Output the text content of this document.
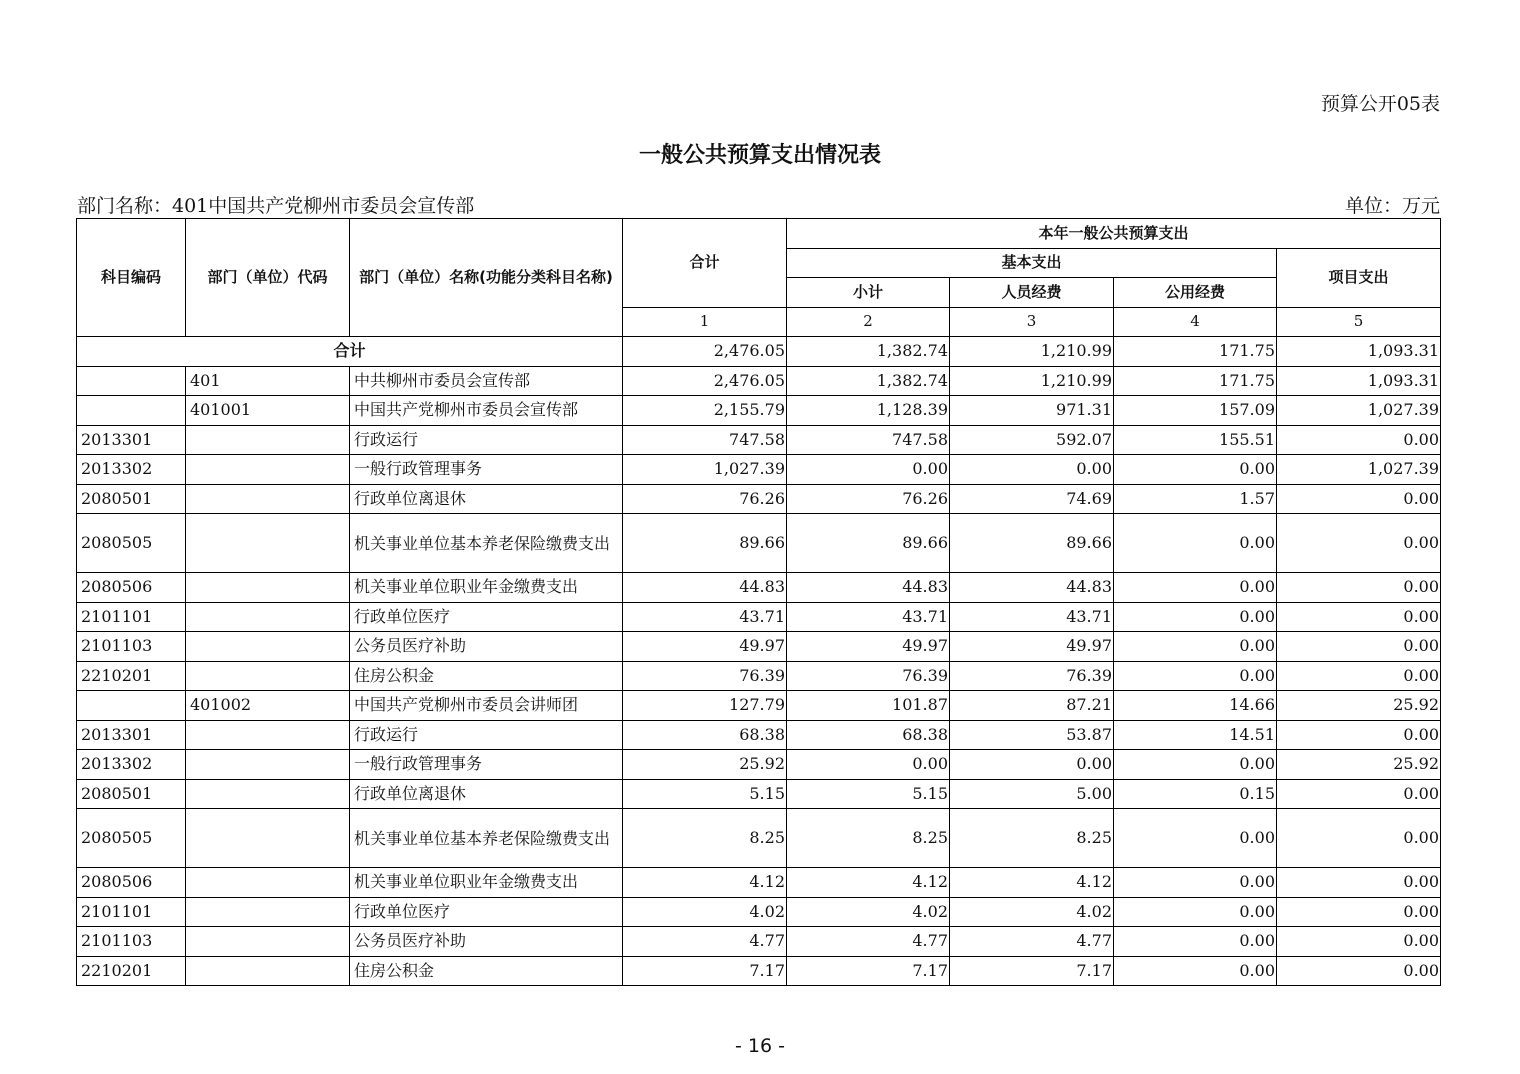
预算公开05表
一般公共预算支出情况表
部门名称：401中国共产党柳州市委员会宣传部	单位：万元
科目编码	部门（单位）代码	部门（单位）名称(功能分类科目名称)	合计	本年一般公共预算支出			
				基本支出			项目支出
				小计	人员经费	公用经费	
			1	2	3	4	5
合计			2,476.05	1,382.74	1,210.99	171.75	1,093.31
	401	中共柳州市委员会宣传部	2,476.05	1,382.74	1,210.99	171.75	1,093.31
	401001	中国共产党柳州市委员会宣传部	2,155.79	1,128.39	971.31	157.09	1,027.39
2013301		行政运行	747.58	747.58	592.07	155.51	0.00
2013302		一般行政管理事务	1,027.39	0.00	0.00	0.00	1,027.39
2080501		行政单位离退休	76.26	76.26	74.69	1.57	0.00
2080505		机关事业单位基本养老保险缴费支出	89.66	89.66	89.66	0.00	0.00
2080506		机关事业单位职业年金缴费支出	44.83	44.83	44.83	0.00	0.00
2101101		行政单位医疗	43.71	43.71	43.71	0.00	0.00
2101103		公务员医疗补助	49.97	49.97	49.97	0.00	0.00
2210201		住房公积金	76.39	76.39	76.39	0.00	0.00
	401002	中国共产党柳州市委员会讲师团	127.79	101.87	87.21	14.66	25.92
2013301		行政运行	68.38	68.38	53.87	14.51	0.00
2013302		一般行政管理事务	25.92	0.00	0.00	0.00	25.92
2080501		行政单位离退休	5.15	5.15	5.00	0.15	0.00
2080505		机关事业单位基本养老保险缴费支出	8.25	8.25	8.25	0.00	0.00
2080506		机关事业单位职业年金缴费支出	4.12	4.12	4.12	0.00	0.00
2101101		行政单位医疗	4.02	4.02	4.02	0.00	0.00
2101103		公务员医疗补助	4.77	4.77	4.77	0.00	0.00
2210201		住房公积金	7.17	7.17	7.17	0.00	0.00
- 16 -
